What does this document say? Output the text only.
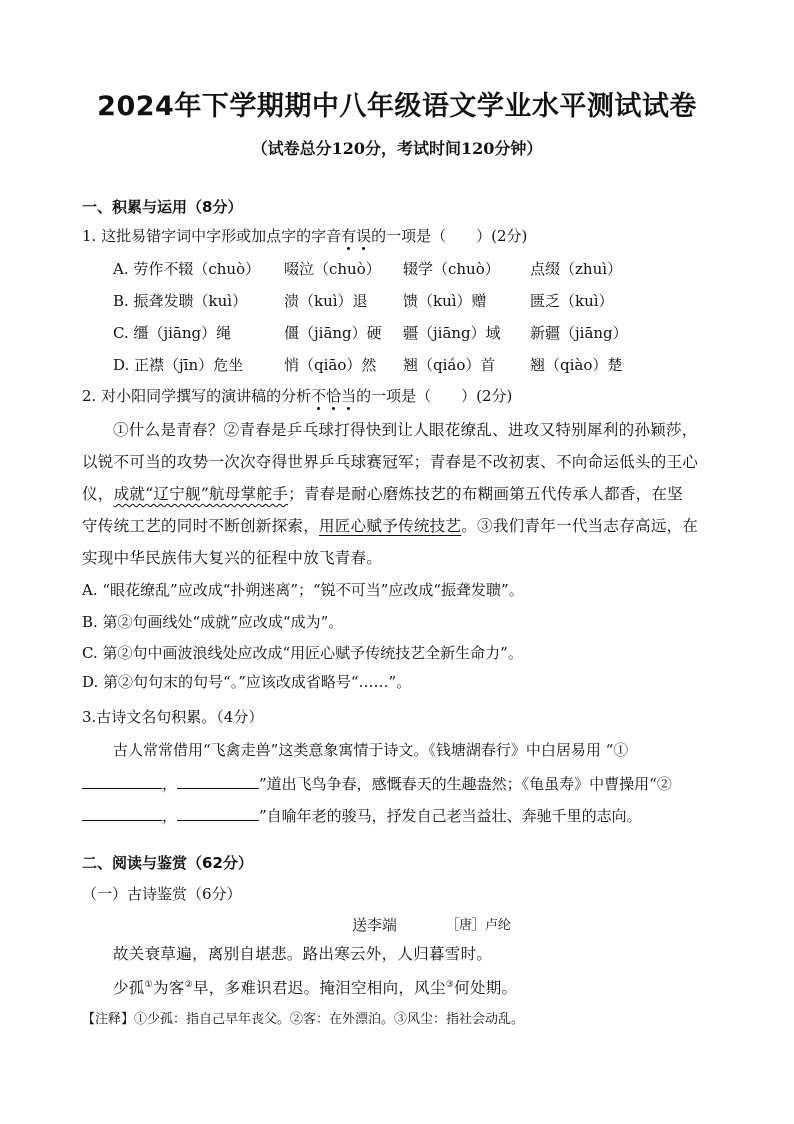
2024年下学期期中八年级语文学业水平测试试卷
（试卷总分120分，考试时间120分钟）
一、积累与运用（8分）
1. 这批易错字词中字形或加点字的字音有误的一项是（　　）(2分)
A. 劳作不辍（chuò） 啜泣（chuò） 辍学（chuò） 点缀（zhuì）
B. 振聋发聩（kuì） 溃（kuì）退 馈（kuì）赠	匮乏（kuì）
C. 缰（jiāng）绳	僵（jiāng）硬 疆（jiāng）域 新疆（jiāng）
D. 正襟（jīn）危坐	悄（qiāo）然 翘（qiáo）首 翘（qiào）楚
2. 对小阳同学撰写的演讲稿的分析不恰当的一项是（　　）(2分)
①什么是青春？②青春是乒乓球打得快到让人眼花缭乱、进攻又特别犀利的孙颖莎，
以锐不可当的攻势一次次夺得世界乒乓球赛冠军；青春是不改初衷、不向命运低头的王心
仪，成就“辽宁舰”航母掌舵手；青春是耐心磨炼技艺的布糊画第五代传承人都香，在坚
守传统工艺的同时不断创新探索，用匠心赋予传统技艺。③我们青年一代当志存高远，在
实现中华民族伟大复兴的征程中放飞青春。
A. “眼花缭乱”应改成“扑朔迷离”；“锐不可当”应改成“振聋发聩”。
B. 第②句画线处“成就”应改成“成为”。
C. 第②句中画波浪线处应改成“用匠心赋予传统技艺全新生命力”。
D. 第②句句末的句号“。”应该改成省略号“……”。
3.古诗文名句积累。（4分）
古人常常借用“飞禽走兽”这类意象寓情于诗文。《钱塘湖春行》中白居易用 “①
，	”道出飞鸟争春，感慨春天的生趣盎然；《龟虽寿》中曹操用“②
，	”自喻年老的骏马，抒发自己老当益壮、奔驰千里的志向。
二、阅读与鉴赏（62分）
（一）古诗鉴赏（6分）
送李端	［唐］卢纶
故关衰草遍，离别自堪悲。路出寒云外，人归暮雪时。
少孤①为客②早，多难识君迟。掩泪空相向，风尘③何处期。
【注释】①少孤：指自己早年丧父。②客：在外漂泊。③风尘：指社会动乱。
